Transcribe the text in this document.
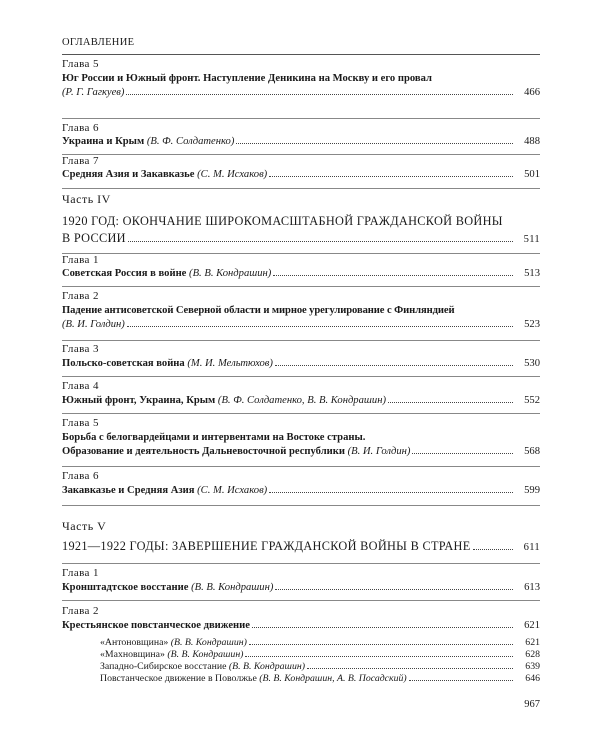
ОГЛАВЛЕНИЕ
Глава 5
Юг России и Южный фронт. Наступление Деникина на Москву и его провал
(Р. Г. Гагкуев)	466
Глава 6
Украина и Крым
(В. Ф. Солдатенко)	488
Глава 7
Средняя Азия и Закавказье
(С. М. Исхаков)	501
Часть IV
1920 ГОД: ОКОНЧАНИЕ ШИРОКОМАСШТАБНОЙ ГРАЖДАНСКОЙ ВОЙНЫ
В РОССИИ	511
Глава 1
Советская Россия в войне
(В. В. Кондрашин)	513
Глава 2
Падение антисоветской Северной области и мирное урегулирование с Финляндией
(В. И. Голдин)	523
Глава 3
Польско-советская война
(М. И. Мельтюхов)	530
Глава 4
Южный фронт, Украина, Крым
(В. Ф. Солдатенко, В. В. Кондрашин)	552
Глава 5
Борьба с белогвардейцами и интервентами на Востоке страны.
Образование и деятельность Дальневосточной республики
(В. И. Голдин)	568
Глава 6
Закавказье и Средняя Азия
(С. М. Исхаков)	599
Часть V
1921—1922 ГОДЫ: ЗАВЕРШЕНИЕ ГРАЖДАНСКОЙ ВОЙНЫ В СТРАНЕ	611
Глава 1
Кронштадтское восстание
(В. В. Кондрашин)	613
Глава 2
Крестьянское повстанческое движение	621
«Антоновщина»
(В. В. Кондрашин)	621
«Махновщина»
(В. В. Кондрашин)	628
Западно-Сибирское восстание
(В. В. Кондрашин)	639
Повстанческое движение в Поволжье
(В. В. Кондрашин, А. В. Посадский)	646
967
